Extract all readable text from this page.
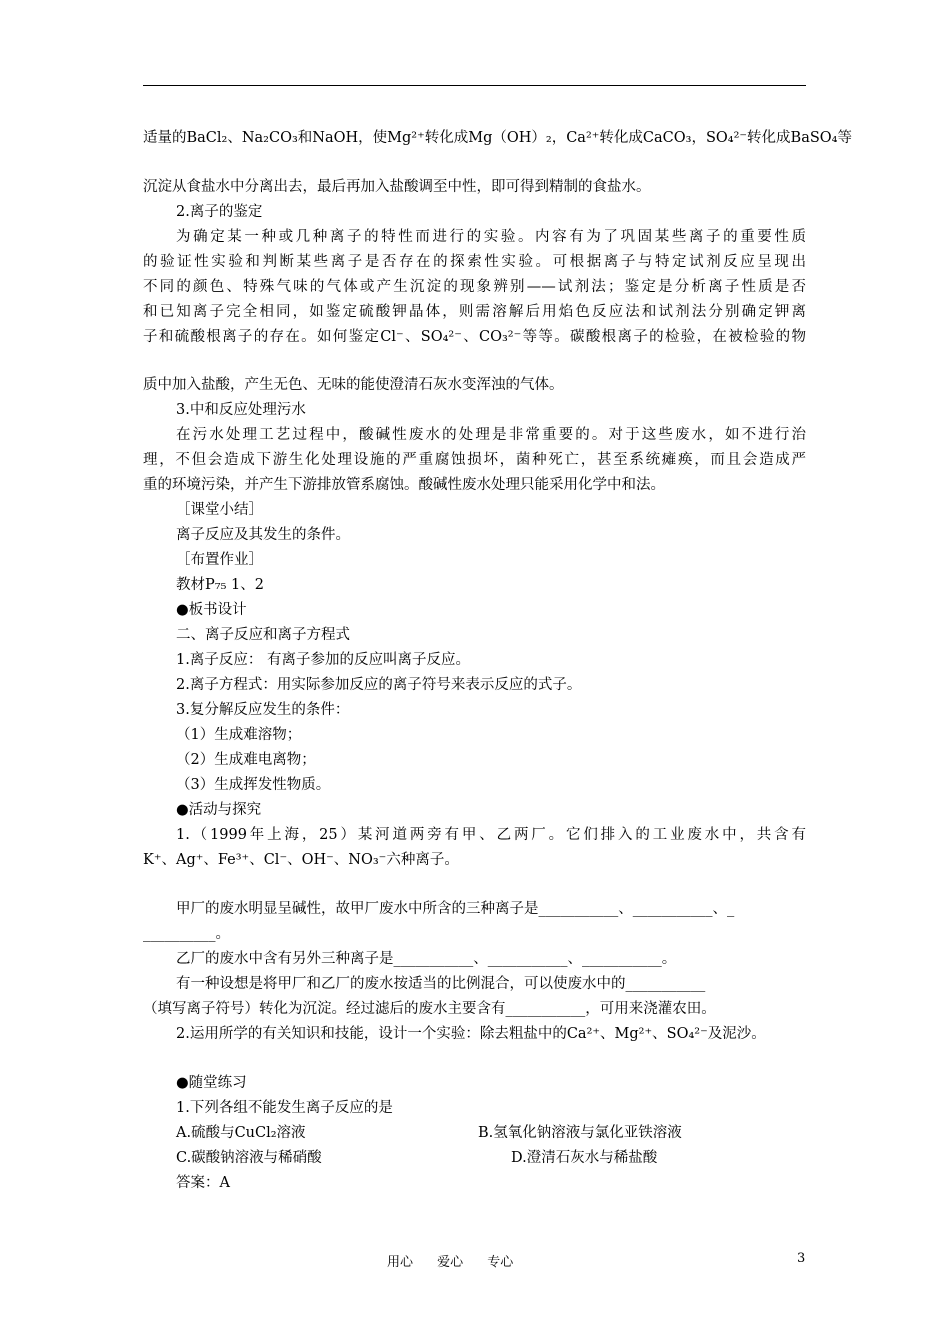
适量的BaCl₂、Na₂CO₃和NaOH，使Mg²⁺转化成Mg（OH）₂，Ca²⁺转化成CaCO₃，SO₄²⁻转化成BaSO₄等
沉淀从食盐水中分离出去，最后再加入盐酸调至中性，即可得到精制的食盐水。
2.离子的鉴定
为确定某一种或几种离子的特性而进行的实验。内容有为了巩固某些离子的重要性质
的验证性实验和判断某些离子是否存在的探索性实验。可根据离子与特定试剂反应呈现出
不同的颜色、特殊气味的气体或产生沉淀的现象辨别——试剂法；鉴定是分析离子性质是否
和已知离子完全相同，如鉴定硫酸钾晶体，则需溶解后用焰色反应法和试剂法分别确定钾离
子和硫酸根离子的存在。如何鉴定Cl⁻、SO₄²⁻、CO₃²⁻等等。碳酸根离子的检验，在被检验的物
质中加入盐酸，产生无色、无味的能使澄清石灰水变浑浊的气体。
3.中和反应处理污水
在污水处理工艺过程中，酸碱性废水的处理是非常重要的。对于这些废水，如不进行治
理，不但会造成下游生化处理设施的严重腐蚀损坏，菌种死亡，甚至系统瘫痪，而且会造成严
重的环境污染，并产生下游排放管系腐蚀。酸碱性废水处理只能采用化学中和法。
［课堂小结］
离子反应及其发生的条件。
［布置作业］
教材P₇₅ 1、2
●板书设计
二、离子反应和离子方程式
1.离子反应： 有离子参加的反应叫离子反应。
2.离子方程式：用实际参加反应的离子符号来表示反应的式子。
3.复分解反应发生的条件：
（1）生成难溶物；
（2）生成难电离物；
（3）生成挥发性物质。
●活动与探究
1.（1999年上海，25）某河道两旁有甲、乙两厂。它们排入的工业废水中，共含有
K⁺、Ag⁺、Fe³⁺、Cl⁻、OH⁻、NO₃⁻六种离子。
甲厂的废水明显呈碱性，故甲厂废水中所含的三种离子是___________、___________、_
__________。
乙厂的废水中含有另外三种离子是___________、___________、___________。
有一种设想是将甲厂和乙厂的废水按适当的比例混合，可以使废水中的___________
（填写离子符号）转化为沉淀。经过滤后的废水主要含有___________，可用来浇灌农田。
2.运用所学的有关知识和技能，设计一个实验：除去粗盐中的Ca²⁺、Mg²⁺、SO₄²⁻及泥沙。
●随堂练习
1.下列各组不能发生离子反应的是
A.硫酸与CuCl₂溶液	B.氢氧化钠溶液与氯化亚铁溶液
C.碳酸钠溶液与稀硝酸	D.澄清石灰水与稀盐酸
答案：A
用心 爱心 专心	3
